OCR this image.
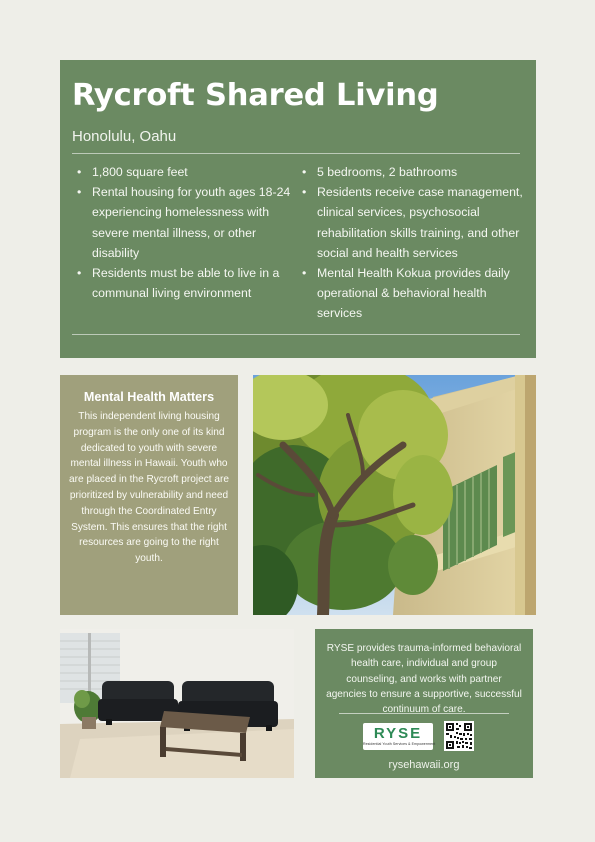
Rycroft Shared Living
Honolulu, Oahu
• 1,800 square feet
• Rental housing for youth ages 18-24 experiencing homelessness with severe mental illness, or other disability
• Residents must be able to live in a communal living environment
• 5 bedrooms, 2 bathrooms
• Residents receive case management, clinical services, psychosocial rehabilitation skills training, and other social and health services
• Mental Health Kokua provides daily operational & behavioral health services
Mental Health Matters

This independent living housing program is the only one of its kind dedicated to youth with severe mental illness in Hawaii. Youth who are placed in the Rycroft project are prioritized by vulnerability and need through the Coordinated Entry System. This ensures that the right resources are going to the right youth.

RYSE provides trauma-informed behavioral health care, individual and group counseling, and works with partner agencies to ensure a supportive, successful continuum of care.

RYSE
Residential Youth Services & Empowerment
rysehawaii.org
